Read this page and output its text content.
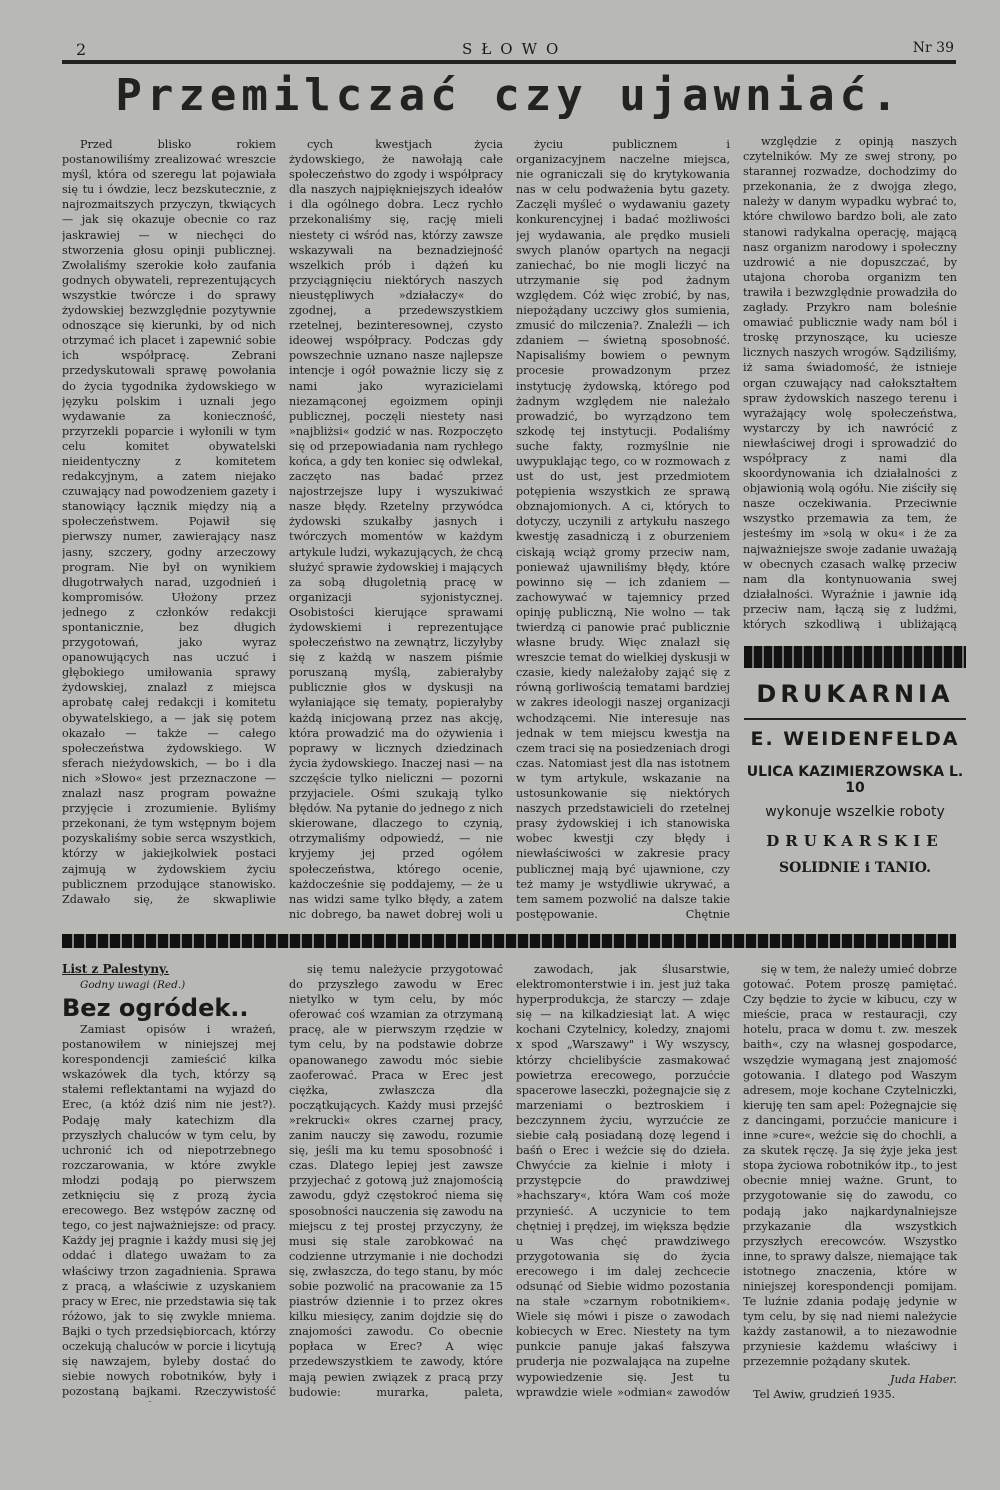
2	SŁOWO	Nr 39
Przemilczać czy ujawniać.

Przed blisko rokiem postanowiliśmy zrealizować wreszcie myśl, która od szeregu lat pojawiała się tu i ówdzie, lecz bezskutecznie, z najrozmaitszych przyczyn, tkwiących — jak się okazuje obecnie co raz jaskrawiej — w niechęci do stworzenia głosu opinji publicznej. Zwołaliśmy szerokie koło zaufania godnych obywateli, reprezentujących wszystkie twórcze i do sprawy żydowskiej bezwzględnie pozytywnie odnoszące się kierunki, by od nich otrzymać ich placet i zapewnić sobie ich współpracę. Zebrani przedyskutowali sprawę powołania do życia tygodnika żydowskiego w języku polskim i uznali jego wydawanie za konieczność, przyrzekli poparcie i wyłonili w tym celu komitet obywatelski nieidentyczny z komitetem redakcyjnym, a zatem niejako czuwający nad powodzeniem gazety i stanowiący łącznik między nią a społeczeństwem. Pojawił się pierwszy numer, zawierający nasz jasny, szczery, godny arzeczowy program. Nie był on wynikiem długotrwałych narad, uzgodnień i kompromisów. Ułożony przez jednego z członków redakcji spontanicznie, bez długich przygotowań, jako wyraz opanowujących nas uczuć i głębokiego umiłowania sprawy żydowskiej, znalazł z miejsca aprobatę całej redakcji i komitetu obywatelskiego, a — jak się potem okazało — także — całego społeczeństwa żydowskiego. W sferach nieżydowskich, — bo i dla nich »Słowo« jest przeznaczone — znalazł nasz program poważne przyjęcie i zrozumienie. Byliśmy przekonani, że tym wstępnym bojem pozyskaliśmy sobie serca wszystkich, którzy w jakiejkolwiek postaci zajmują w żydowskiem życiu publicznem przodujące stanowisko. Zdawało się, że skwapliwie

cych kwestjach życia żydowskiego, że nawołają całe społeczeństwo do zgody i współpracy dla naszych najpiękniejszych ideałów i dla ogólnego dobra. Lecz rychło przekonaliśmy się, rację mieli niestety ci wśród nas, którzy zawsze wskazywali na beznadziejność wszelkich prób i dążeń ku przyciągnięciu niektórych naszych nieustępliwych »działaczy« do zgodnej, a przedewszystkiem rzetelnej, bezinteresownej, czysto ideowej współpracy. Podczas gdy powszechnie uznano nasze najlepsze intencje i ogół poważnie liczy się z nami jako wyrazicielami niezamąconej egoizmem opinji publicznej, poczęli niestety nasi »najbliżsi« godzić w nas. Rozpoczęto się od przepowiadania nam rychłego końca, a gdy ten koniec się odwlekał, zaczęto nas badać przez najostrzejsze lupy i wyszukiwać nasze błędy. Rzetelny przywódca żydowski szukałby jasnych i twórczych momentów w każdym artykule ludzi, wykazujących, że chcą służyć sprawie żydowskiej i mających za sobą długoletnią pracę w organizacji syjonistycznej. Osobistości kierujące sprawami żydowskiemi i reprezentujące społeczeństwo na zewnątrz, liczyłyby się z każdą w naszem piśmie poruszaną myślą, zabierałyby publicznie głos w dyskusji na wyłaniające się tematy, popierałyby każdą inicjowaną przez nas akcję, która prowadzić ma do ożywienia i poprawy w licznych dziedzinach życia żydowskiego. Inaczej nasi — na szczęście tylko nieliczni — pozorni przyjaciele. Ośmi szukają tylko błędów. Na pytanie do jednego z nich skierowane, dlaczego to czynią, otrzymaliśmy odpowiedź, — nie kryjemy jej przed ogółem społeczeństwa, którego ocenie, każdocześnie się poddajemy, — że u nas widzi same tylko błędy, a zatem nic dobrego, ba nawet dobrej woli u

życiu publicznem i organizacyjnem naczelne miejsca, nie ograniczali się do krytykowania nas w celu podważenia bytu gazety. Zaczęli myśleć o wydawaniu gazety konkurencyjnej i badać możliwości jej wydawania, ale prędko musieli swych planów opartych na negacji zaniechać, bo nie mogli liczyć na utrzymanie się pod żadnym względem. Cóż więc zrobić, by nas, niepożądany uczciwy głos sumienia, zmusić do milczenia?. Znaleźli — ich zdaniem — świetną sposobność. Napisaliśmy bowiem o pewnym procesie prowadzonym przez instytucję żydowską, którego pod żadnym względem nie należało prowadzić, bo wyrządzono tem szkodę tej instytucji. Podaliśmy suche fakty, rozmyślnie nie uwypuklając tego, co w rozmowach z ust do ust, jest przedmiotem potępienia wszystkich ze sprawą obznajomionych. A ci, których to dotyczy, uczynili z artykułu naszego kwestję zasadniczą i z oburzeniem ciskają wciąż gromy przeciw nam, ponieważ ujawniliśmy błędy, które powinno się — ich zdaniem — zachowywać w tajemnicy przed opinję publiczną, Nie wolno — tak twierdzą ci panowie prać publicznie własne brudy. Więc znalazł się wreszcie temat do wielkiej dyskusji w czasie, kiedy należałoby zająć się z równą gorliwością tematami bardziej w zakres ideologji naszej organizacji wchodzącemi. Nie interesuje nas jednak w tem miejscu kwestja na czem traci się na posiedzeniach drogi czas. Natomiast jest dla nas istotnem w tym artykule, wskazanie na ustosunkowanie się niektórych naszych przedstawicieli do rzetelnej prasy żydowskiej i ich stanowiska wobec kwestji czy błędy i niewłaściwości w zakresie pracy publicznej mają być ujawnione, czy też mamy je wstydliwie ukrywać, a tem samem pozwolić na dalsze takie postępowanie. Chętnie

względzie z opinją naszych czytelników. My ze swej strony, po starannej rozwadze, dochodzimy do przekonania, że z dwojga złego, należy w danym wypadku wybrać to, które chwilowo bardzo boli, ale zato stanowi radykalna operację, mającą nasz organizm narodowy i społeczny uzdrowić a nie dopuszczać, by utajona choroba organizm ten trawiła i bezwzględnie prowadziła do zagłady. Przykro nam boleśnie omawiać publicznie wady nam ból i troskę przynoszące, ku uciesze licznych naszych wrogów. Sądziliśmy, iż sama świadomość, że istnieje organ czuwający nad całokształtem spraw żydowskich naszego terenu i wyrażający wolę społeczeństwa, wystarczy by ich nawrócić z niewłaściwej drogi i sprowadzić do współpracy z nami dla skoordynowania ich działalności z objawionią wolą ogółu. Nie ziściły się nasze oczekiwania. Przeciwnie wszystko przemawia za tem, że jesteśmy im »solą w oku« i że za najważniejsze swoje zadanie uważają w obecnych czasach walkę przeciw nam dla kontynuowania swej działalności. Wyraźnie i jawnie idą przeciw nam, łączą się z ludźmi, których szkodliwą i ubliżającą

DRUKARNIA
E. WEIDENFELDA
ULICA KAZIMIERZOWSKA L. 10
wykonuje wszelkie roboty
DRUKARSKIE
SOLIDNIE i TANIO.
List z Palestyny.
Godny uwagi (Red.)
Bez ogródek..

Zamiast opisów i wrażeń, postanowiłem w niniejszej mej korespondencji zamieścić kilka wskazówek dla tych, którzy są stałemi reflektantami na wyjazd do Erec, (a któż dziś nim nie jest?). Podaję mały katechizm dla przyszłych chaluców w tym celu, by uchronić ich od niepotrzebnego rozczarowania, w które zwykle młodzi podają po pierwszem zetknięciu się z prozą życia erecowego. Bez wstępów zacznę od tego, co jest najważniejsze: od pracy. Każdy jej pragnie i każdy musi się jej oddać i dlatego uważam to za właściwy trzon zagadnienia. Sprawa z pracą, a właściwie z uzyskaniem pracy w Erec, nie przedstawia się tak różowo, jak to się zwykle mniema. Bajki o tych przedsiębiorcach, którzy oczekują chaluców w porcie i licytują się nawzajem, byleby dostać do siebie nowych robotników, były i pozostaną bajkami. Rzeczywistość

się temu należycie przygotować do przyszłego zawodu w Erec nietylko w tym celu, by móc oferować coś wzamian za otrzymaną pracę, ale w pierwszym rzędzie w tym celu, by na podstawie dobrze opanowanego zawodu móc siebie zaoferować. Praca w Erec jest ciężka, zwłaszcza dla początkujących. Każdy musi przejść »rekrucki« okres czarnej pracy, zanim nauczy się zawodu, rozumie się, jeśli ma ku temu sposobność i czas. Dlatego lepiej jest zawsze przyjechać z gotową już znajomością zawodu, gdyż częstokroć niema się sposobności nauczenia się zawodu na miejscu z tej prostej przyczyny, że musi się stale zarobkować na codzienne utrzymanie i nie dochodzi się, zwłaszcza, do tego stanu, by móc sobie pozwolić na pracowanie za 15 piastrów dziennie i to przez okres kilku miesięcy, zanim dojdzie się do znajomości zawodu. Co obecnie popłaca w Erec? A więc przedewszystkiem te zawody, które mają pewien związek z pracą przy budowie: murarka, paleta,

zawodach, jak ślusarstwie, elektromonterstwie i in. jest już taka hyperprodukcja, że starczy — zdaje się — na kilkadziesiąt lat. A więc kochani Czytelnicy, koledzy, znajomi x spod „Warszawy" i Wy wszyscy, którzy chcielibyście zasmakować powietrza erecowego, porzućcie spacerowe laseczki, pożegnajcie się z marzeniami o beztroskiem i bezczynnem życiu, wyrzućcie ze siebie całą posiadaną dozę legend i baśń o Erec i weźcie się do dzieła. Chwyćcie za kielnie i młoty i przystępcie do prawdziwej »hachszary«, która Wam coś może przynieść. A uczynicie to tem chętniej i prędzej, im większa będzie u Was chęć prawdziwego przygotowania się do życia erecowego i im dalej zechcecie odsunąć od Siebie widmo pozostania na stałe »czarnym robotnikiem«. Wiele się mówi i pisze o zawodach kobiecych w Erec. Niestety na tym punkcie panuje jakaś fałszywa pruderja nie pozwalająca na zupełne wypowiedzenie się. Jest tu wprawdzie wiele »odmian« zawodów

się w tem, że należy umieć dobrze gotować. Potem proszę pamiętać. Czy będzie to życie w kibucu, czy w mieście, praca w restauracji, czy hotelu, praca w domu t. zw. meszek baith«, czy na własnej gospodarce, wszędzie wymaganą jest znajomość gotowania. I dlatego pod Waszym adresem, moje kochane Czytelniczki, kieruję ten sam apel: Pożegnajcie się z dancingami, porzućcie manicure i inne »cure«, weźcie się do chochli, a za skutek ręczę. Ja się żyje jeka jest stopa życiowa robotników itp., to jest obecnie mniej ważne. Grunt, to przygotowanie się do zawodu, co podają jako najkardynalniejsze przykazanie dla wszystkich przyszłych erecowców. Wszystko inne, to sprawy dalsze, niemające tak istotnego znaczenia, które w niniejszej korespondencji pomijam. Te luźnie zdania podaję jedynie w tym celu, by się nad niemi należycie każdy zastanowił, a to niezawodnie przyniesie każdemu właściwy i przezemnie pożądany skutek.

Juda Haber.
Tel Awiw, grudzień 1935.
